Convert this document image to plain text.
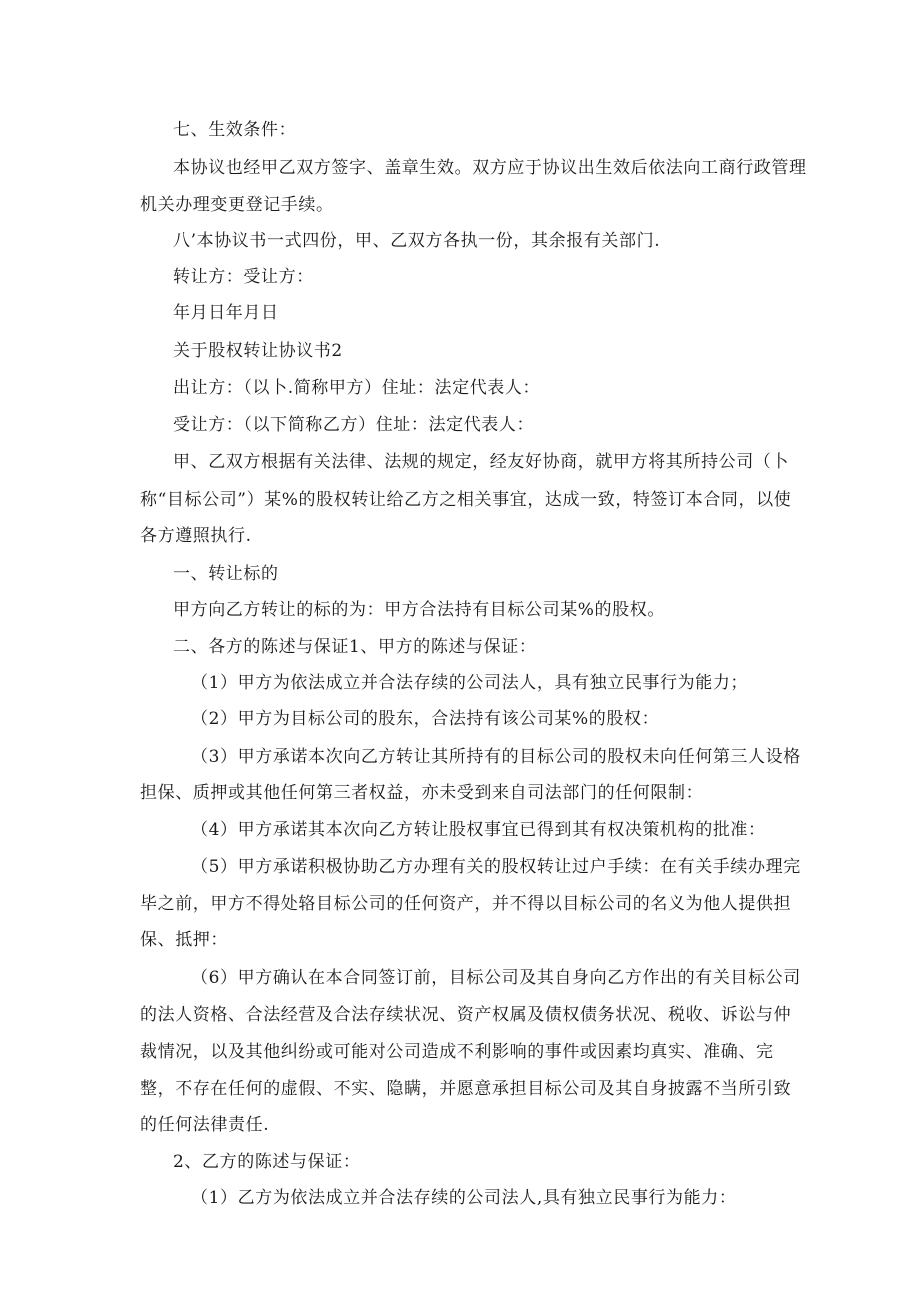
七、生效条件：
本协议也经甲乙双方签字、盖章生效。双方应于协议出生效后依法向工商行政管理
机关办理变更登记手续。
八’本协议书一式四份，甲、乙双方各执一份，其余报有关部门.
转让方：受让方：
年月日年月日
关于股权转让协议书2
出让方：（以卜.简称甲方）住址：法定代表人：
受让方：（以下简称乙方）住址：法定代表人：
甲、乙双方根据有关法律、法规的规定，经友好协商，就甲方将其所持公司（卜
称“目标公司”）某%的股权转让给乙方之相关事宜，达成一致，特签订本合同，以使
各方遵照执行.
一、转让标的
甲方向乙方转让的标的为：甲方合法持有目标公司某%的股权。
二、各方的陈述与保证1、甲方的陈述与保证：
（1）甲方为依法成立并合法存续的公司法人，具有独立民事行为能力；
（2）甲方为目标公司的股东，合法持有该公司某%的股权：
（3）甲方承诺本次向乙方转让其所持有的目标公司的股权未向任何第三人设格
担保、质押或其他任何第三者权益，亦未受到来自司法部门的任何限制：
（4）甲方承诺其本次向乙方转让股权事宜已得到其有权决策机构的批准：
（5）甲方承诺积极协助乙方办理有关的股权转让过户手续：在有关手续办理完
毕之前，甲方不得处辂目标公司的任何资产，并不得以目标公司的名义为他人提供担
保、抵押：
（6）甲方确认在本合同签订前，目标公司及其自身向乙方作出的有关目标公司
的法人资格、合法经营及合法存续状况、资产权属及债权债务状况、税收、诉讼与仲
裁情况，以及其他纠纷或可能对公司造成不利影响的事件或因素均真实、准确、完
整，不存在任何的虚假、不实、隐瞒，并愿意承担目标公司及其自身披露不当所引致
的任何法律责任.
2、乙方的陈述与保证：
（1）乙方为依法成立并合法存续的公司法人,具有独立民事行为能力：
